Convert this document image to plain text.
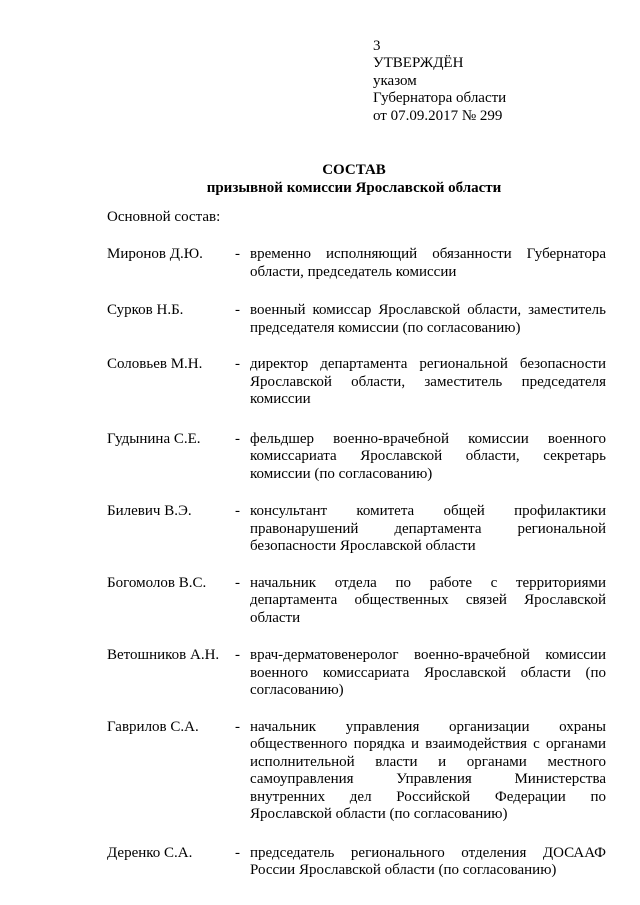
3
УТВЕРЖДЁН
указом
Губернатора области
от 07.09.2017 № 299
СОСТАВ
призывной комиссии Ярославской области
Основной состав:
Миронов Д.Ю. - временно исполняющий обязанности Губернатора
области, председатель комиссии
Сурков Н.Б.	- военный комиссар Ярославской области, заместитель
председателя комиссии (по согласованию)
Соловьев М.Н. - директор департамента региональной безопасности
Ярославской области, заместитель председателя
комиссии
Гудынина С.Е. - фельдшер военно-врачебной комиссии военного
комиссариата Ярославской области, секретарь
комиссии (по согласованию)
Билевич В.Э.	- консультант комитета общей профилактики
правонарушений департамента региональной
безопасности Ярославской области
Богомолов В.С. - начальник отдела по работе с территориями
департамента общественных связей Ярославской
области
Ветошников А.Н. - врач-дерматовенеролог военно-врачебной комиссии
военного комиссариата Ярославской области (по
согласованию)
Гаврилов С.А. - начальник управления организации охраны
общественного порядка и взаимодействия с органами
исполнительной власти и органами местного
самоуправления Управления Министерства
внутренних дел Российской Федерации по
Ярославской области (по согласованию)
Деренко С.А.	- председатель регионального отделения ДОСААФ
России Ярославской области (по согласованию)
